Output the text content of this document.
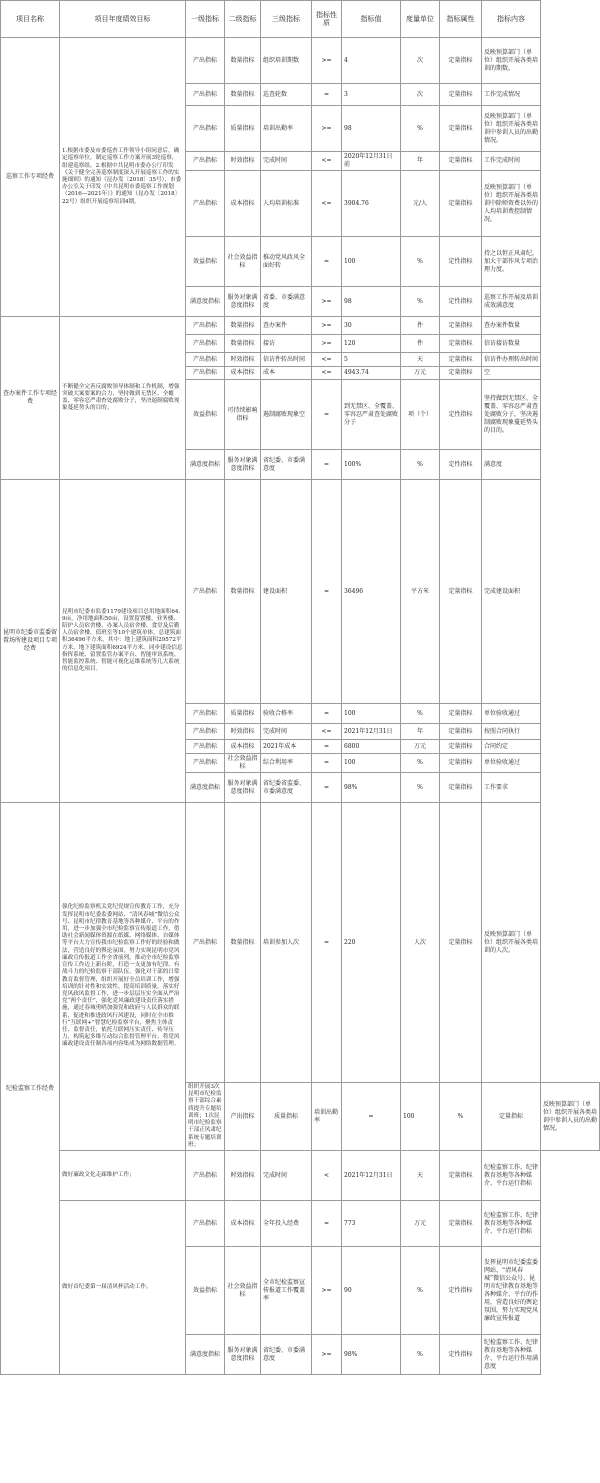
项目名称	项目年度绩效目标	一级指标	二级指标	三级指标	指标性质	指标值	度量单位	指标属性	指标内容	
巡察工作专项经费	1.根据市委及市委巡查工作领导小组同意后，确定巡察单位，制定巡察工作方案开展3轮巡察，组建巡察组。2.根据中共昆明市委办公厅印发《关于健全完善巡察制度深入开展巡察工作的实施细则》的通知（昆办发〔2018〕35号），市委办公室关于印发《中共昆明市委巡察工作规划（2016—2021年）》的通知（昆办发〔2018〕22号）组织开展巡察培训4期。	产出指标	数量指标	组织培训期数	>=	4	次	定量指标	反映预算部门（单位）组织开展各类培训的期数。	
		产出指标	数量指标	巡查轮数	=	3	次	定量指标	工作完成情况	
		产出指标	质量指标	培训出勤率	>=	98	%	定量指标	反映预算部门（单位）组织开展各类培训中参训人员的出勤情况。	
		产出指标	时效指标	完成时间	<=	2020年12月31日前	年	定量指标	工作完成时间	
		产出指标	成本指标	人均培训标准	<=	3904.76	元/人	定量指标	反映预算部门（单位）组织开展各类培训中除师资费以外的人均培训费控制情况。	
		效益指标	社会效益指标	推动党风政风全面好转	=	100	%	定性指标	持之以恒正风肃纪，加大干部作风专项治理力度。	
		满意度指标	服务对象满意度指标	省委、市委满意度	>=	98	%	定性指标	巡察工作开展及培训成效满意度	
查办案件工作专项经费	不断健全完善反腐败领导体制和工作机制，增强突破大案要案的合力，坚持做到无禁区、全覆盖、零容忍严肃查处腐败分子，坚决遏制腐败现象蔓延势头的目的。	产出指标	数量指标	查办案件	>=	30	件	定量指标	查办案件数量	
		产出指标	数量指标	接访	>=	120	件	定量指标	信访接访数量	
		产出指标	时效指标	信访件转出时间	<=	5	天	定量指标	信访件办理转出时间	
		产出指标	成本指标	成本	<=	4943.74	万元	定量指标	空	
		效益指标	可持续影响指标	遏制腐败现象空	=	到无禁区、全覆盖、零容忍严肃查处腐败分子	项（个）	定性指标	坚持做到无禁区、全覆盖、零容忍严肃查处腐败分子，坚决遏制腐败现象蔓延势头的目的。	
		满意度指标	服务对象满意度指标	省纪委、市委满意度	=	100%	%	定性指标	满意度	
昆明市纪委市监委留置场所建设项目专项经费	昆明市纪委市监委1179建设项目总用地面积64.9亩，净用地面积50亩，设置留置楼、业务楼、陪护人员宿舍楼、办案人员宿舍楼、食堂及后勤人员宿舍楼、值班室等10个建筑单体，总建筑面积36496平方米，其中：地上建筑面积29572平方米，地下建筑面积6924平方米。同步建设信息指挥系统、留置监管办案平台、智能审讯系统、智能监控系统、智能可视化运维系统等几大系统的信息化项目。	产出指标	数量指标	建设面积	=	36496	平方米	定量指标	完成建设面积	
		产出指标	质量指标	验收合格率	=	100	%	定量指标	单位验收通过	
		产出指标	时效指标	完成时间	<=	2021年12月31日	年	定量指标	按照合同执行	
		产出指标	成本指标	2021年成本	=	6800	万元	定量指标	合同约定	
		产出指标	社会效益指标	综合利用率	=	100	%	定量指标	单位验收通过	
		满意度指标	服务对象满意度指标	省纪委省监委、市委满意度	=	98%	%	定量指标	工作要求	
纪检监察工作经费	强化纪检监察机关党纪党规宣传教育工作，充分发挥昆明市纪委监委网站、“清风春城”微信公众号、昆明市纪律教育基地等各种媒介、平台的作用，进一步加强全市纪检监察宣传报道工作，借助社会新闻媒体资源在纸媒、网络媒体、自媒体等平台大力宣传我市纪检监察工作好的经验和做法，营造良好的舆论氛围，努力实现昆明市党风廉政宣传报道工作全省前列，推动全市纪检监察宣传工作迈上新台阶，打造一支更加有纪律、有战斗力的纪检监察干部队伍。强化对干部的日常教育监督管理，组织开展好全员培训工作，增强培训的针对性和实效性，提高培训质量，落实好党风政风监督工作，进一步层层压实全面从严治党“两个责任”，强化党风廉政建设责任落实措施，通过春城勇哨加强党和政府与人民群众的联系，促进和推进政风行风建设，同时在全市推行“互联网+”智慧纪检监察平台，聚焦主体责任、监督责任，依托互联网压实责任、传导压力，构筑起多维互动综合监督管理平台，将党风廉政建设责任制各项内容集成为网络数据管理。	产出指标	数量指标	培训参加人次	=	220	人次	定量指标	反映预算部门（单位）组织开展各类培训的人次。	
		组织开展3次昆明市纪检监察干部综合素质提升专题培训班；1次昆明市纪检监察干部正风肃纪系统专题培训班；	产出指标	质量指标	培训出勤率	=	100	%	定量指标	反映预算部门（单位）组织开展各类培训中参训人员的出勤情况。
	做好廉政文化走廊维护工作；	产出指标	时效指标	完成时间	<	2021年12月31日	天	定量指标	纪检监察工作、纪律教育基地等各种媒介、平台运行指标	
	做好首纪委第一届清风杯活动工作。	产出指标	成本指标	全年投入经费	=	773	万元	定量指标	纪检监察工作、纪律教育基地等各种媒介、平台运行指标	
		效益指标	社会效益指标	全市纪检监察宣传报道工作覆盖率	>=	90	%	定性指标	发挥昆明市纪委监委网站、“清风春城”微信公众号、昆明市纪律教育基地等各种媒介、平台的作用，营造良好的舆论氛围，努力实现党风廉政宣传报道	
		满意度指标	服务对象满意度指标	省纪委、市委满意度	>=	98%	%	定性指标	纪检监察工作、纪律教育基地等各种媒介、平台运行作用满意度	
